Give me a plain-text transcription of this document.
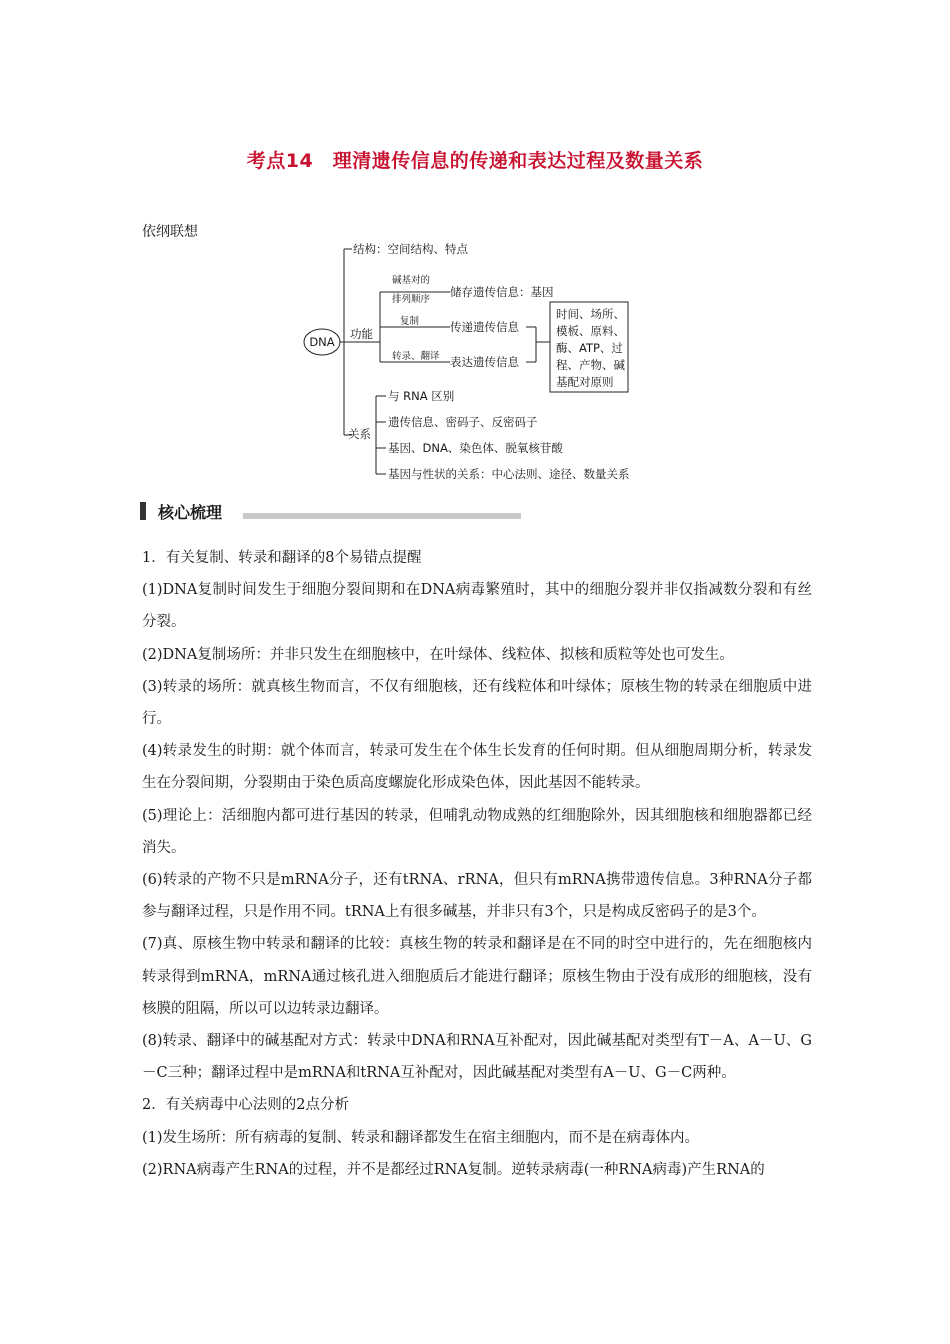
考点14　理清遗传信息的传递和表达过程及数量关系
依纲联想
DNA
结构：空间结构、特点
功能
碱基对的
排列顺序
储存遗传信息：基因
复制	传递遗传信息
转录、翻译 表达遗传信息
时间、场所、
模板、原料、
酶、ATP、过
程、产物、碱
基配对原则
关系
与 RNA 区别
遗传信息、密码子、反密码子
基因、DNA、染色体、脱氧核苷酸
基因与性状的关系：中心法则、途径、数量关系
核心梳理

1．有关复制、转录和翻译的8个易错点提醒

(1)DNA复制时间发生于细胞分裂间期和在DNA病毒繁殖时，其中的细胞分裂并非仅指减数分裂和有丝分裂。

(2)DNA复制场所：并非只发生在细胞核中，在叶绿体、线粒体、拟核和质粒等处也可发生。

(3)转录的场所：就真核生物而言，不仅有细胞核，还有线粒体和叶绿体；原核生物的转录在细胞质中进行。

(4)转录发生的时期：就个体而言，转录可发生在个体生长发育的任何时期。但从细胞周期分析，转录发生在分裂间期，分裂期由于染色质高度螺旋化形成染色体，因此基因不能转录。

(5)理论上：活细胞内都可进行基因的转录，但哺乳动物成熟的红细胞除外，因其细胞核和细胞器都已经消失。

(6)转录的产物不只是mRNA分子，还有tRNA、rRNA，但只有mRNA携带遗传信息。3种RNA分子都参与翻译过程，只是作用不同。tRNA上有很多碱基，并非只有3个，只是构成反密码子的是3个。

(7)真、原核生物中转录和翻译的比较：真核生物的转录和翻译是在不同的时空中进行的，先在细胞核内转录得到mRNA，mRNA通过核孔进入细胞质后才能进行翻译；原核生物由于没有成形的细胞核，没有核膜的阻隔，所以可以边转录边翻译。

(8)转录、翻译中的碱基配对方式：转录中DNA和RNA互补配对，因此碱基配对类型有T－A、A－U、G－C三种；翻译过程中是mRNA和tRNA互补配对，因此碱基配对类型有A－U、G－C两种。

2．有关病毒中心法则的2点分析

(1)发生场所：所有病毒的复制、转录和翻译都发生在宿主细胞内，而不是在病毒体内。

(2)RNA病毒产生RNA的过程，并不是都经过RNA复制。逆转录病毒(一种RNA病毒)产生RNA的
